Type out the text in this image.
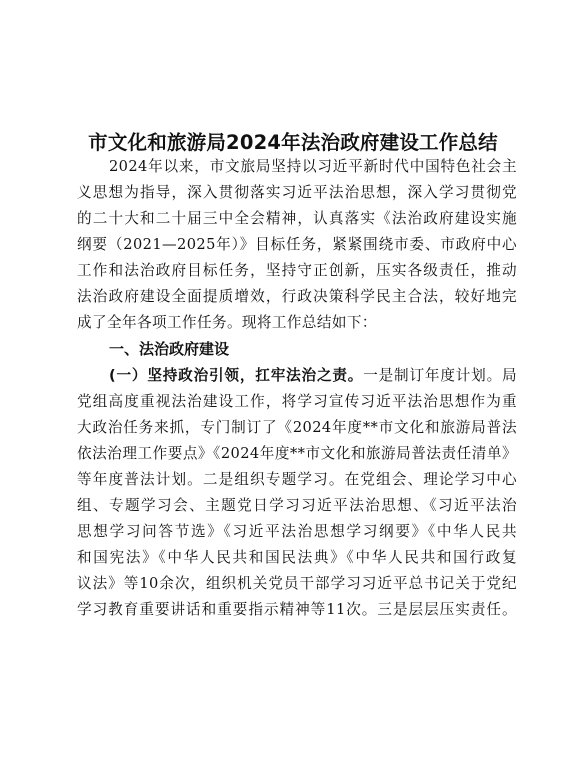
市文化和旅游局2024年法治政府建设工作总结
2024年以来，市文旅局坚持以习近平新时代中国特色社会主
义思想为指导，深入贯彻落实习近平法治思想，深入学习贯彻党
的二十大和二十届三中全会精神，认真落实《法治政府建设实施
纲要（2021—2025年）》目标任务，紧紧围绕市委、市政府中心
工作和法治政府目标任务，坚持守正创新，压实各级责任，推动
法治政府建设全面提质增效，行政决策科学民主合法，较好地完
成了全年各项工作任务。现将工作总结如下：
一、法治政府建设
(一）坚持政治引领，扛牢法治之责。一是制订年度计划。局
党组高度重视法治建设工作，将学习宣传习近平法治思想作为重
大政治任务来抓，专门制订了《2024年度**市文化和旅游局普法
依法治理工作要点》《2024年度**市文化和旅游局普法责任清单》
等年度普法计划。二是组织专题学习。在党组会、理论学习中心
组、专题学习会、主题党日学习习近平法治思想、《习近平法治
思想学习问答节选》《习近平法治思想学习纲要》《中华人民共
和国宪法》《中华人民共和国民法典》《中华人民共和国行政复
议法》等10余次，组织机关党员干部学习习近平总书记关于党纪
学习教育重要讲话和重要指示精神等11次。三是层层压实责任。
